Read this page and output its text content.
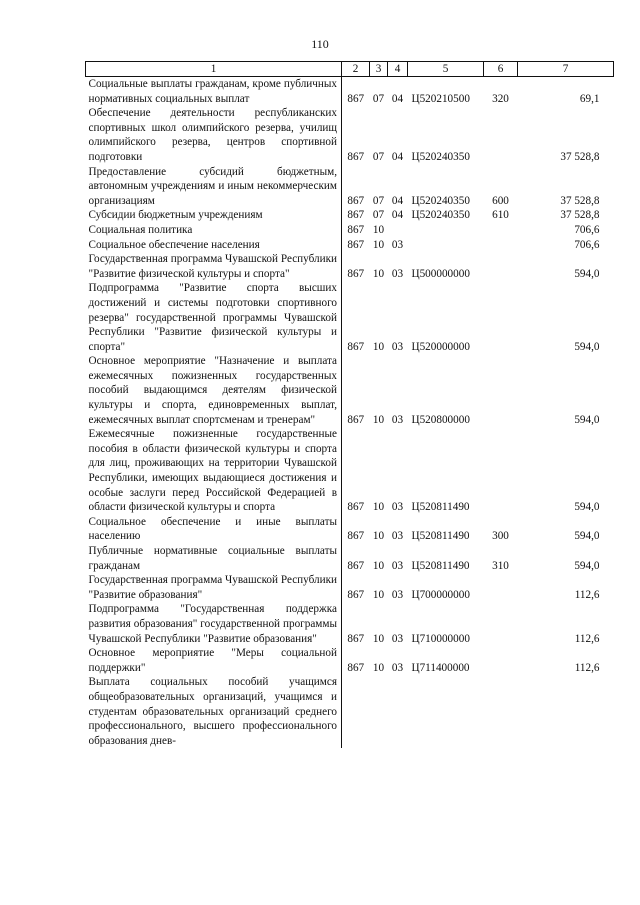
110
1	2	3	4	5	6	7
Социальные выплаты гражданам, кроме публичных нормативных социальных выплат	867	07	04	Ц520210500	320	69,1
Обеспечение деятельности республиканских спортивных школ олимпийского резерва, училищ олимпийского резерва, центров спортивной подготовки	867	07	04	Ц520240350		37 528,8
Предоставление субсидий бюджетным, автономным учреждениям и иным некоммерческим организациям	867	07	04	Ц520240350	600	37 528,8
Субсидии бюджетным учреждениям	867	07	04	Ц520240350	610	37 528,8
Социальная политика	867	10				706,6
Социальное обеспечение населения	867	10	03			706,6
Государственная программа Чувашской Республики "Развитие физической культуры и спорта"	867	10	03	Ц500000000		594,0
Подпрограмма "Развитие спорта высших достижений и системы подготовки спортивного резерва" государственной программы Чувашской Республики "Развитие физической культуры и спорта"	867	10	03	Ц520000000		594,0
Основное мероприятие "Назначение и выплата ежемесячных пожизненных государственных пособий выдающимся деятелям физической культуры и спорта, единовременных выплат, ежемесячных выплат спортсменам и тренерам"	867	10	03	Ц520800000		594,0
Ежемесячные пожизненные государственные пособия в области физической культуры и спорта для лиц, проживающих на территории Чувашской Республики, имеющих выдающиеся достижения и особые заслуги перед Российской Федерацией в области физической культуры и спорта	867	10	03	Ц520811490		594,0
Социальное обеспечение и иные выплаты населению	867	10	03	Ц520811490	300	594,0
Публичные нормативные социальные выплаты гражданам	867	10	03	Ц520811490	310	594,0
Государственная программа Чувашской Республики "Развитие образования"	867	10	03	Ц700000000		112,6
Подпрограмма "Государственная поддержка развития образования" государственной программы Чувашской Республики "Развитие образования"	867	10	03	Ц710000000		112,6
Основное мероприятие "Меры социальной поддержки"	867	10	03	Ц711400000		112,6
Выплата социальных пособий учащимся общеобразовательных организаций, учащимся и студентам образовательных организаций среднего профессионального, высшего профессионального образования днев-						
